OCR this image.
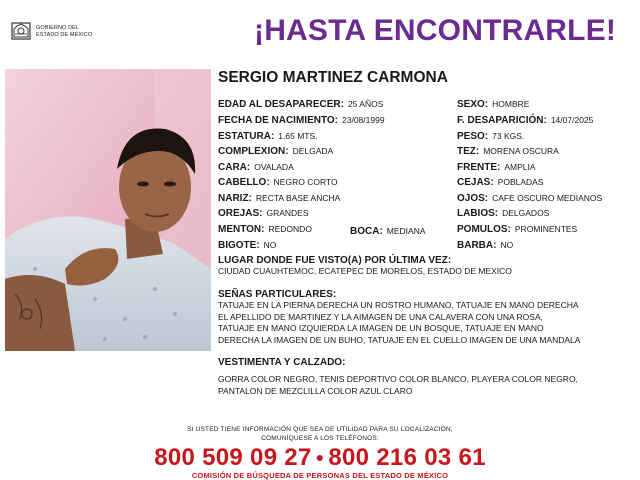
GOBIERNO DEL
ESTADO DE MÉXICO	¡HASTA ENCONTRARLE!
SERGIO MARTINEZ CARMONA
EDAD AL DESAPARECER: 25 AÑOS
FECHA DE NACIMIENTO: 23/08/1999
ESTATURA: 1.65 MTS.
COMPLEXION: DELGADA
CARA: OVALADA
CABELLO: NEGRO CORTO
NARIZ: RECTA BASE ANCHA
OREJAS: GRANDES
MENTON: REDONDO
BIGOTE: NO
BOCA: MEDIANA
SEXO: HOMBRE
F. DESAPARICIÓN: 14/07/2025
PESO: 73 KGS.
TEZ: MORENA OSCURA
FRENTE: AMPLIA
CEJAS: POBLADAS
OJOS: CAFE OSCURO MEDIANOS
LABIOS: DELGADOS
POMULOS: PROMINENTES
BARBA: NO
LUGAR DONDE FUE VISTO(A) POR ÚLTIMA VEZ:
CIUDAD CUAUHTEMOC, ECATEPEC DE MORELOS, ESTADO DE MEXICO
SEÑAS PARTICULARES:
TATUAJE EN LA PIERNA DERECHA UN ROSTRO HUMANO, TATUAJE EN MANO DERECHA
EL APELLIDO DE MARTINEZ Y LA AIMAGEN DE UNA CALAVERA CON UNA ROSA,
TATUAJE EN MANO IZQUIERDA LA IMAGEN DE UN BOSQUE, TATUAJE EN MANO
DERECHA LA IMAGEN DE UN BUHO, TATUAJE EN EL CUELLO IMAGEN DE UNA MANDALA
VESTIMENTA Y CALZADO:
GORRA COLOR NEGRO, TENIS DEPORTIVO COLOR BLANCO, PLAYERA COLOR NEGRO,
PANTALON DE MEZCLILLA COLOR AZUL CLARO
SI USTED TIENE INFORMACIÓN QUE SEA DE UTILIDAD PARA SU LOCALIZACIÓN,
COMUNÍQUESE A LOS TELÉFONOS:
800 509 09 27 ● 800 216 03 61
COMISIÓN DE BÚSQUEDA DE PERSONAS DEL ESTADO DE MÉXICO
